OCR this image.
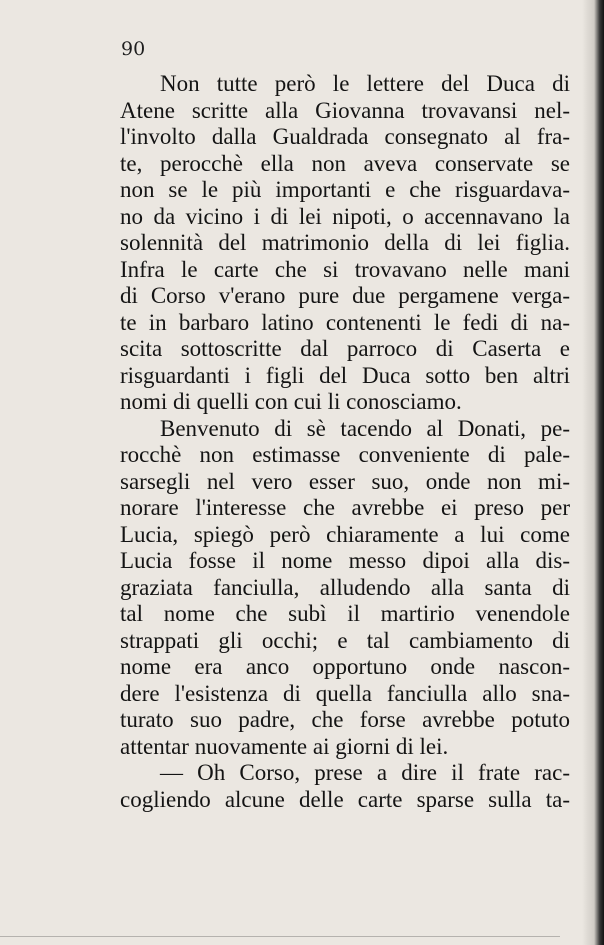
90

Non tutte però le lettere del Duca di
Atene scritte alla Giovanna trovavansi nel-
l'involto dalla Gualdrada consegnato al fra-
te, perocchè ella non aveva conservate se
non se le più importanti e che risguardava-
no da vicino i di lei nipoti, o accennavano la
solennità del matrimonio della di lei figlia.
Infra le carte che si trovavano nelle mani
di Corso v'erano pure due pergamene verga-
te in barbaro latino contenenti le fedi di na-
scita sottoscritte dal parroco di Caserta e
risguardanti i figli del Duca sotto ben altri
nomi di quelli con cui li conosciamo.

Benvenuto di sè tacendo al Donati, pe-
rocchè non estimasse conveniente di pale-
sarsegli nel vero esser suo, onde non mi-
norare l'interesse che avrebbe ei preso per
Lucia, spiegò però chiaramente a lui come
Lucia fosse il nome messo dipoi alla dis-
graziata fanciulla, alludendo alla santa di
tal nome che subì il martirio venendole
strappati gli occhi; e tal cambiamento di
nome era anco opportuno onde nascon-
dere l'esistenza di quella fanciulla allo sna-
turato suo padre, che forse avrebbe potuto
attentar nuovamente ai giorni di lei.

— Oh Corso, prese a dire il frate rac-
cogliendo alcune delle carte sparse sulla ta-
